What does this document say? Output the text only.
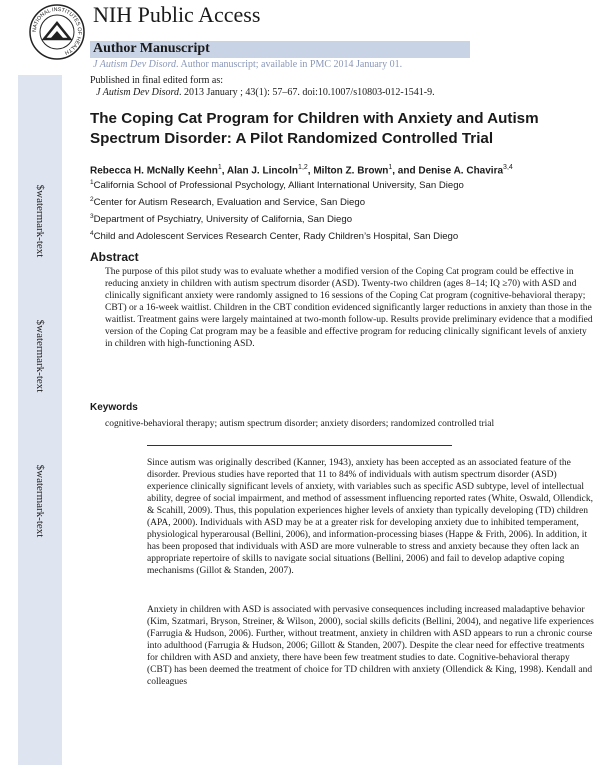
$watermark-text
$watermark-text
$watermark-text
NATIONAL INSTITUTES OF HEALTH
NIH Public Access
Author Manuscript
J Autism Dev Disord. Author manuscript; available in PMC 2014 January 01.
Published in final edited form as:
J Autism Dev Disord. 2013 January ; 43(1): 57–67. doi:10.1007/s10803-012-1541-9.
The Coping Cat Program for Children with Anxiety and Autism Spectrum Disorder: A Pilot Randomized Controlled Trial
Rebecca H. McNally Keehn$^1$, Alan J. Lincoln$^{1,2}$, Milton Z. Brown$^1$, and Denise A. Chavira$^{3,4}$
$^1$California School of Professional Psychology, Alliant International University, San Diego
$^2$Center for Autism Research, Evaluation and Service, San Diego
$^3$Department of Psychiatry, University of California, San Diego
$^4$Child and Adolescent Services Research Center, Rady Children’s Hospital, San Diego
Abstract
The purpose of this pilot study was to evaluate whether a modified version of the Coping Cat program could be effective in reducing anxiety in children with autism spectrum disorder (ASD). Twenty-two children (ages 8–14; IQ ≥70) with ASD and clinically significant anxiety were randomly assigned to 16 sessions of the Coping Cat program (cognitive-behavioral therapy; CBT) or a 16-week waitlist. Children in the CBT condition evidenced significantly larger reductions in anxiety than those in the waitlist. Treatment gains were largely maintained at two-month follow-up. Results provide preliminary evidence that a modified version of the Coping Cat program may be a feasible and effective program for reducing clinically significant levels of anxiety in children with high-functioning ASD.
Keywords
cognitive-behavioral therapy; autism spectrum disorder; anxiety disorders; randomized controlled trial
Since autism was originally described (Kanner, 1943), anxiety has been accepted as an associated feature of the disorder. Previous studies have reported that 11 to 84% of individuals with autism spectrum disorder (ASD) experience clinically significant levels of anxiety, with variables such as specific ASD subtype, level of intellectual ability, degree of social impairment, and method of assessment influencing reported rates (White, Oswald, Ollendick, & Scahill, 2009). Thus, this population experiences higher levels of anxiety than typically developing (TD) children (APA, 2000). Individuals with ASD may be at a greater risk for developing anxiety due to inhibited temperament, physiological hyperarousal (Bellini, 2006), and information-processing biases (Happe & Frith, 2006). In addition, it has been proposed that individuals with ASD are more vulnerable to stress and anxiety because they often lack an appropriate repertoire of skills to navigate social situations (Bellini, 2006) and fail to develop adaptive coping mechanisms (Gillot & Standen, 2007).
Anxiety in children with ASD is associated with pervasive consequences including increased maladaptive behavior (Kim, Szatmari, Bryson, Streiner, & Wilson, 2000), social skills deficits (Bellini, 2004), and negative life experiences (Farrugia & Hudson, 2006). Further, without treatment, anxiety in children with ASD appears to run a chronic course into adulthood (Farrugia & Hudson, 2006; Gillott & Standen, 2007). Despite the clear need for effective treatments for children with ASD and anxiety, there have been few treatment studies to date. Cognitive-behavioral therapy (CBT) has been deemed the treatment of choice for TD children with anxiety (Ollendick & King, 1998). Kendall and colleagues
